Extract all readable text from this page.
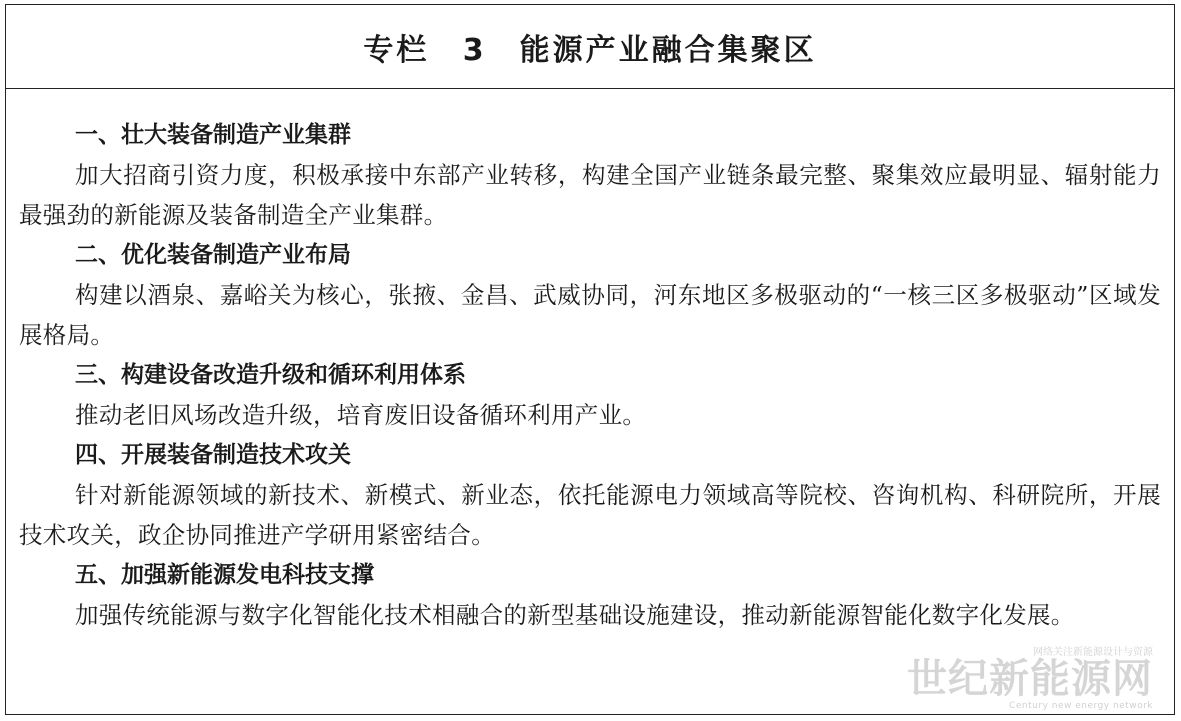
专栏 3　能源产业融合集聚区
一、壮大装备制造产业集群

加大招商引资力度，积极承接中东部产业转移，构建全国产业链条最完整、聚集效应最明显、辐射能力最强劲的新能源及装备制造全产业集群。

二、优化装备制造产业布局

构建以酒泉、嘉峪关为核心，张掖、金昌、武威协同，河东地区多极驱动的“一核三区多极驱动”区域发展格局。

三、构建设备改造升级和循环利用体系

推动老旧风场改造升级，培育废旧设备循环利用产业。

四、开展装备制造技术攻关

针对新能源领域的新技术、新模式、新业态，依托能源电力领域高等院校、咨询机构、科研院所，开展技术攻关，政企协同推进产学研用紧密结合。

五、加强新能源发电科技支撑

加强传统能源与数字化智能化技术相融合的新型基础设施建设，推动新能源智能化数字化发展。

网络关注新能源设计与资源
世纪新能源网
Century new energy network
